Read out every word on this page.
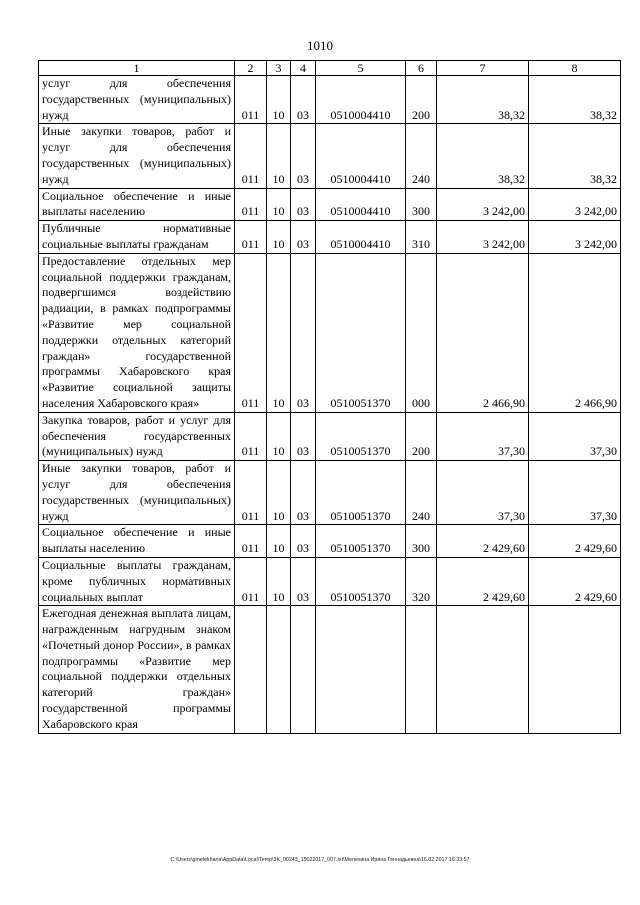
1010
1	2	3	4	5	6	7	8
услуг для обеспечения государственных (муниципальных) нужд	011	10	03	0510004410	200	38,32	38,32
Иные закупки товаров, работ и услуг для обеспечения государственных (муниципальных) нужд	011	10	03	0510004410	240	38,32	38,32
Социальное обеспечение и иные выплаты населению	011	10	03	0510004410	300	3 242,00	3 242,00
Публичные нормативные социальные выплаты гражданам	011	10	03	0510004410	310	3 242,00	3 242,00
Предоставление отдельных мер социальной поддержки гражданам, подвергшимся воздействию радиации, в рамках подпрограммы «Развитие мер социальной поддержки отдельных категорий граждан» государственной программы Хабаровского края «Развитие социальной защиты населения Хабаровского края»	011	10	03	0510051370	000	2 466,90	2 466,90
Закупка товаров, работ и услуг для обеспечения государственных (муниципальных) нужд	011	10	03	0510051370	200	37,30	37,30
Иные закупки товаров, работ и услуг для обеспечения государственных (муниципальных) нужд	011	10	03	0510051370	240	37,30	37,30
Социальное обеспечение и иные выплаты населению	011	10	03	0510051370	300	2 429,60	2 429,60
Социальные выплаты гражданам, кроме публичных нормативных социальных выплат	011	10	03	0510051370	320	2 429,60	2 429,60
Ежегодная денежная выплата лицам, награжденным нагрудным знаком «Почетный донор России», в рамках подпрограммы «Развитие мер социальной поддержки отдельных категорий граждан» государственной программы Хабаровского края							
C:\Users\gmelekhana\AppData\Local\Temp\3K_00243_15022017_007.txt\Мелехина Ирина Геннадьевна\16.02.2017 16:33:57
